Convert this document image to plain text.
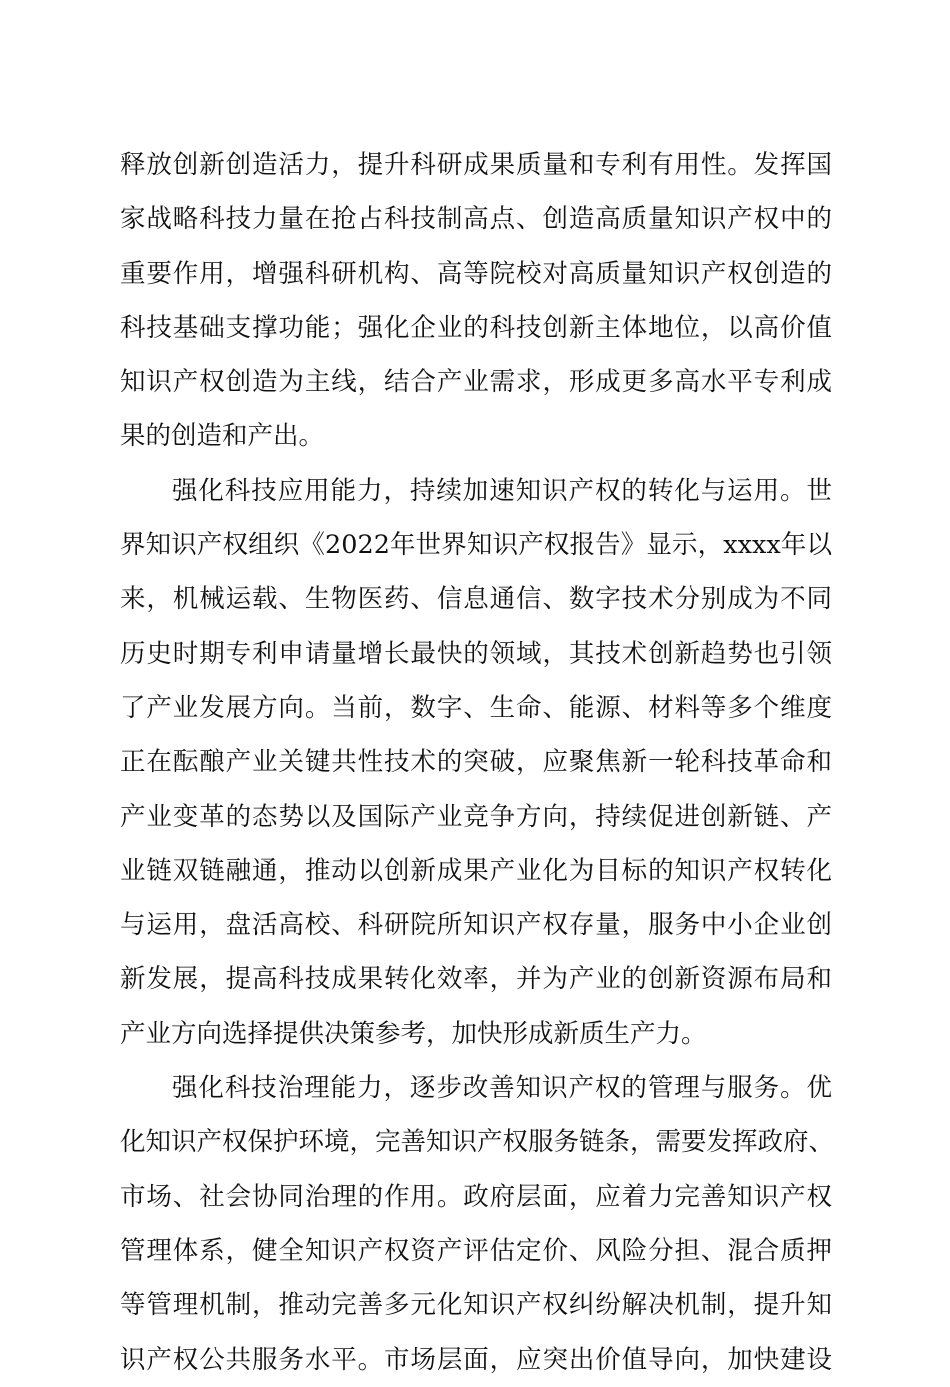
释放创新创造活力，提升科研成果质量和专利有用性。发挥国
家战略科技力量在抢占科技制高点、创造高质量知识产权中的
重要作用，增强科研机构、高等院校对高质量知识产权创造的
科技基础支撑功能；强化企业的科技创新主体地位，以高价值
知识产权创造为主线，结合产业需求，形成更多高水平专利成
果的创造和产出。
强化科技应用能力，持续加速知识产权的转化与运用。世
界知识产权组织《2022年世界知识产权报告》显示，xxxx年以
来，机械运载、生物医药、信息通信、数字技术分别成为不同
历史时期专利申请量增长最快的领域，其技术创新趋势也引领
了产业发展方向。当前，数字、生命、能源、材料等多个维度
正在酝酿产业关键共性技术的突破，应聚焦新一轮科技革命和
产业变革的态势以及国际产业竞争方向，持续促进创新链、产
业链双链融通，推动以创新成果产业化为目标的知识产权转化
与运用，盘活高校、科研院所知识产权存量，服务中小企业创
新发展，提高科技成果转化效率，并为产业的创新资源布局和
产业方向选择提供决策参考，加快形成新质生产力。
强化科技治理能力，逐步改善知识产权的管理与服务。优
化知识产权保护环境，完善知识产权服务链条，需要发挥政府、
市场、社会协同治理的作用。政府层面，应着力完善知识产权
管理体系，健全知识产权资产评估定价、风险分担、混合质押
等管理机制，推动完善多元化知识产权纠纷解决机制，提升知
识产权公共服务水平。市场层面，应突出价值导向，加快建设
